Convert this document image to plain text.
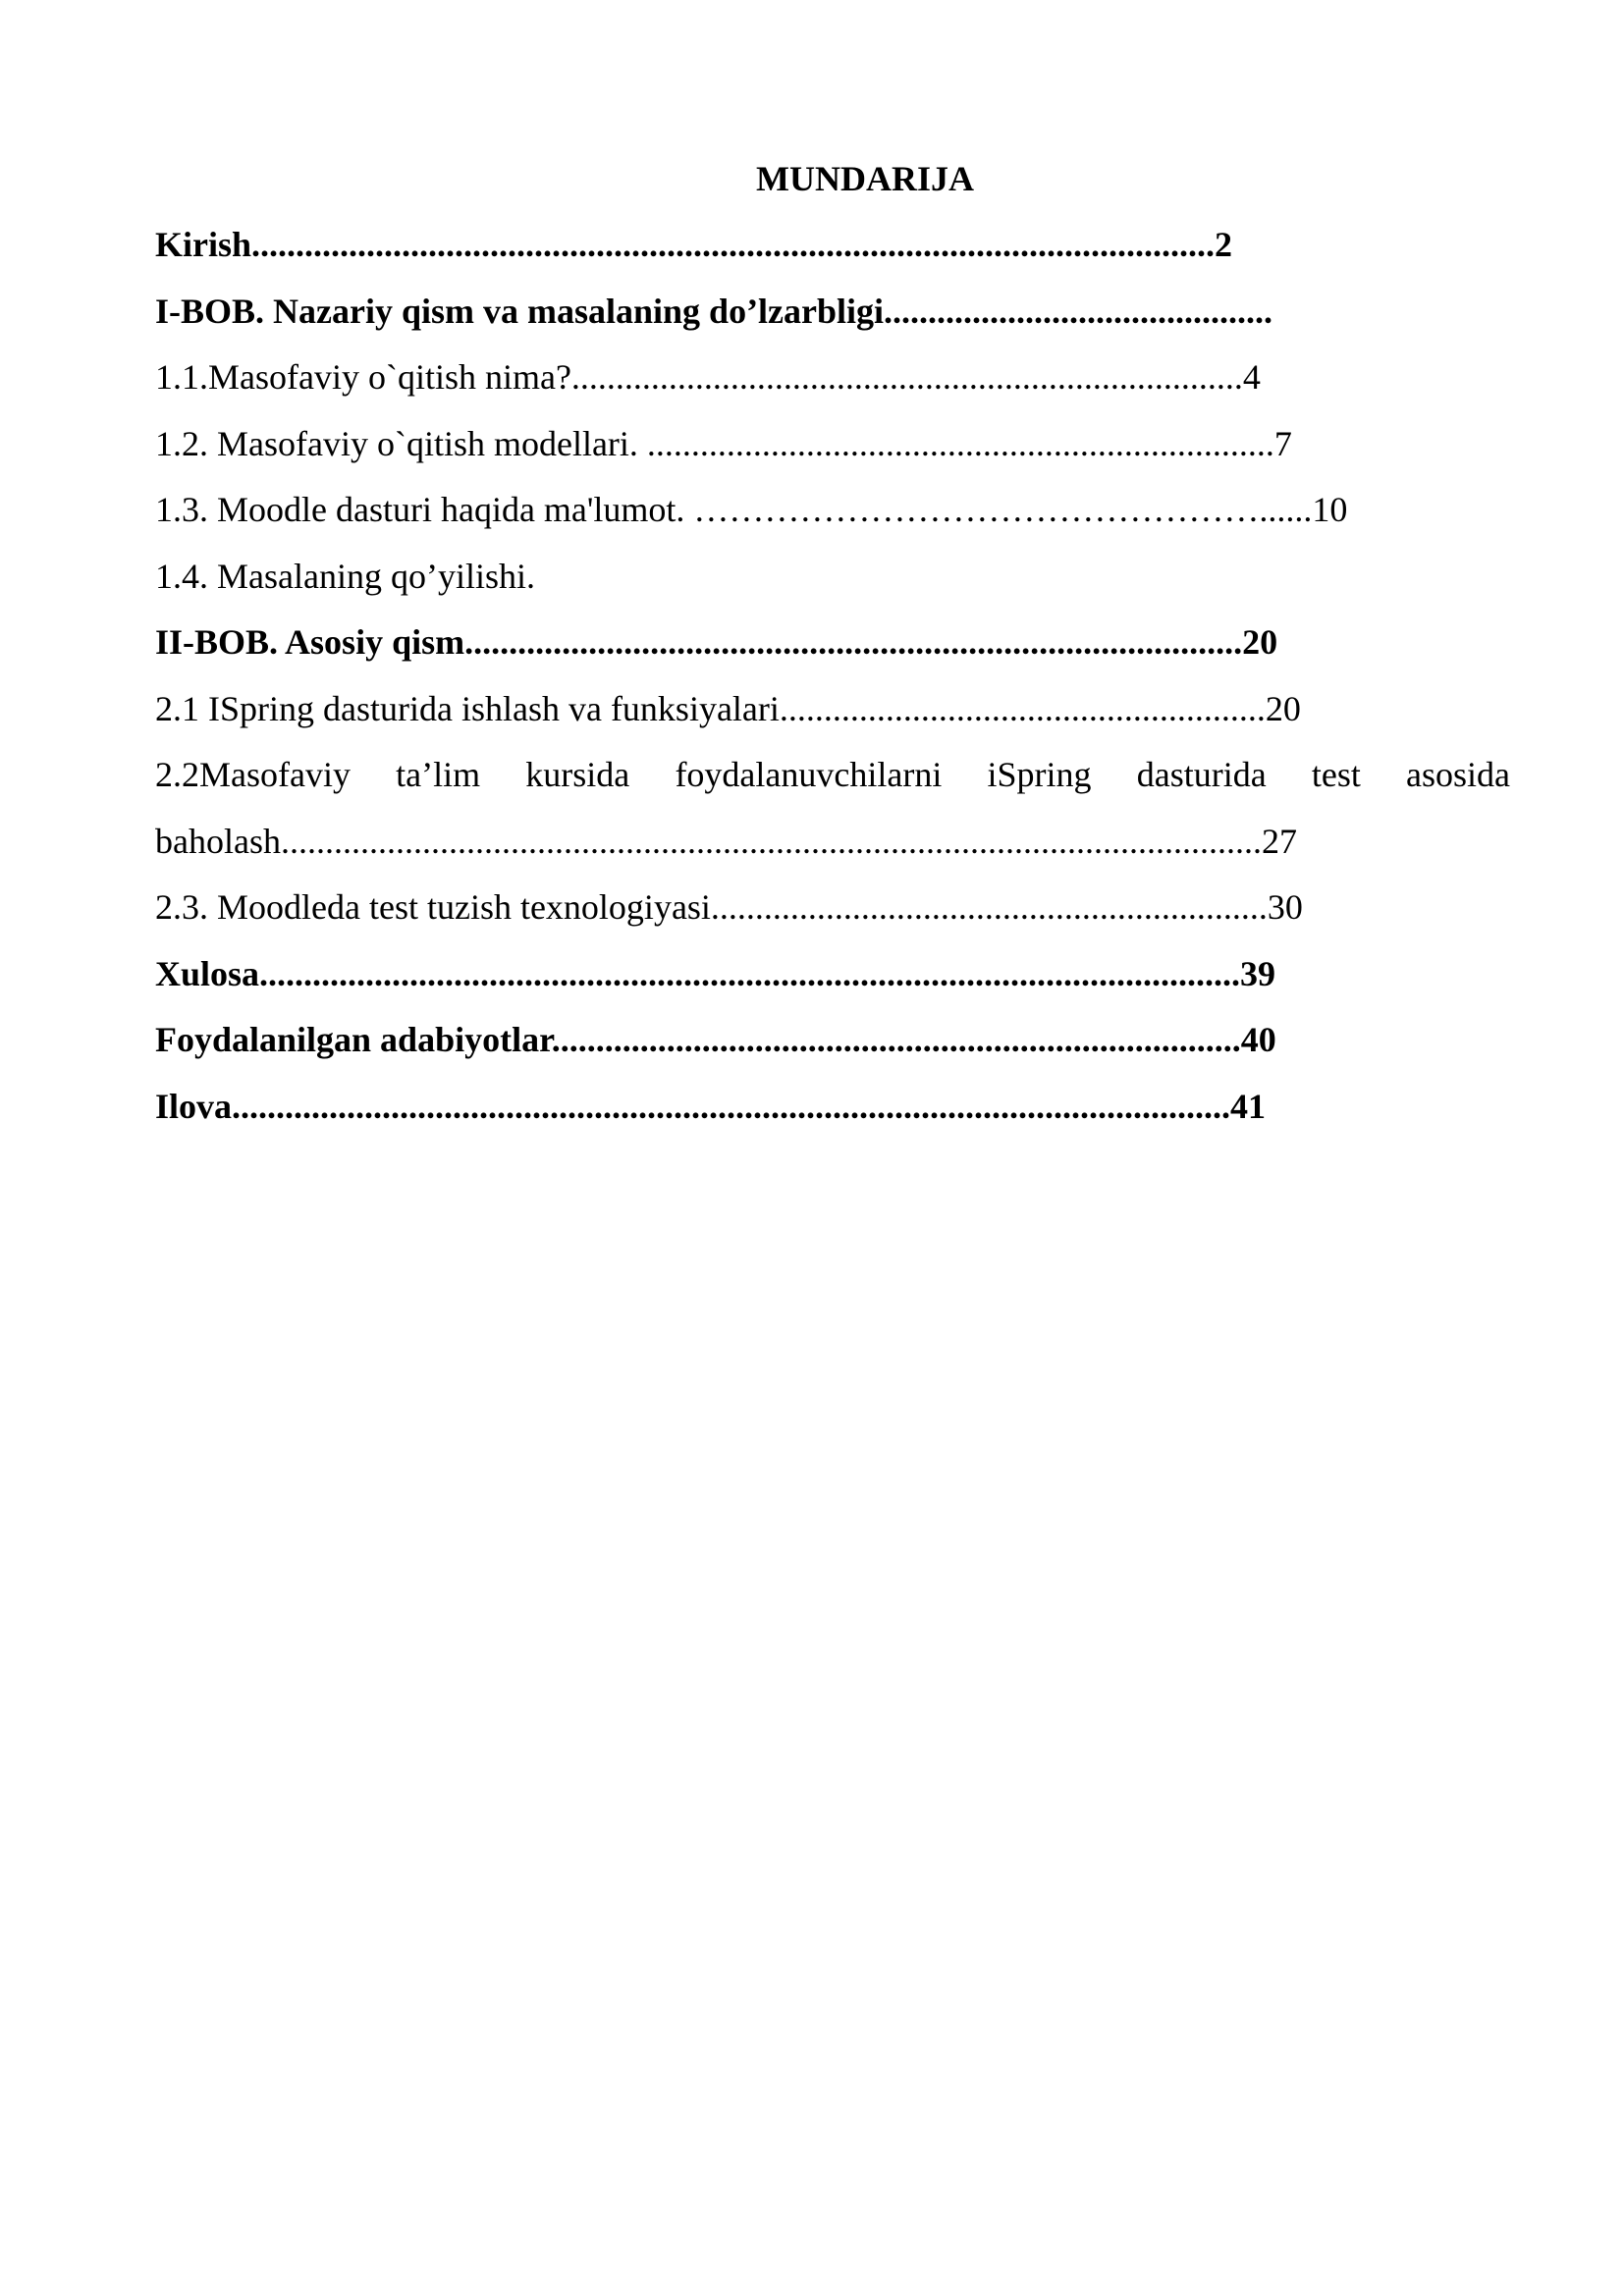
MUNDARIJA
Kirish.............................................................................................................2
I-BOB. Nazariy qism va masalaning do’lzarbligi............................................
1.1.Masofaviy o`qitish nima?............................................................................4
1.2. Masofaviy o`qitish modellari. .......................................................................7
1.3. Moodle dasturi haqida ma'lumot. …………………………………………......10
1.4. Masalaning qo’yilishi.
II-BOB. Asosiy qism........................................................................................20
2.1 ISpring dasturida ishlash va funksiyalari.......................................................20
2.2Masofaviy ta’lim kursida foydalanuvchilarni iSpring dasturida test asosida
baholash...............................................................................................................27
2.3. Moodleda test tuzish texnologiyasi...............................................................30
Xulosa...............................................................................................................39
Foydalanilgan adabiyotlar..............................................................................40
Ilova.................................................................................................................41
